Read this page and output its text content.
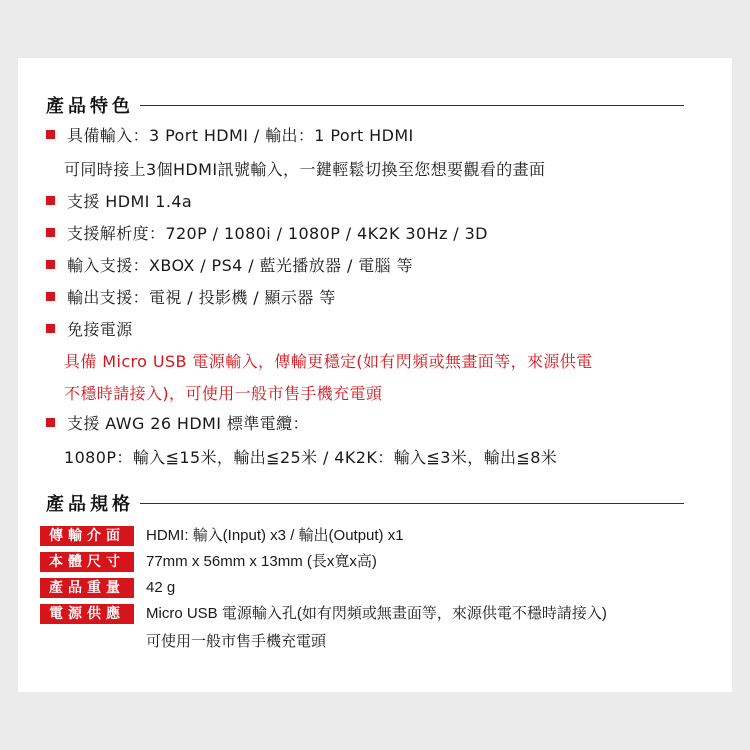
產品特色
具備輸入：3 Port HDMI / 輸出：1 Port HDMI
可同時接上3個HDMI訊號輸入，一鍵輕鬆切換至您想要觀看的畫面
支援 HDMI 1.4a
支援解析度：720P / 1080i / 1080P / 4K2K 30Hz / 3D
輸入支援：XBOX / PS4 / 藍光播放器 / 電腦 等
輸出支援：電視 / 投影機 / 顯示器 等
免接電源
具備 Micro USB 電源輸入，傳輸更穩定(如有閃頻或無畫面等，來源供電
不穩時請接入)，可使用一般市售手機充電頭
支援 AWG 26 HDMI 標準電纜：
1080P：輸入≦15米，輸出≦25米 / 4K2K：輸入≦3米，輸出≦8米
產品規格
傳輸介面	HDMI: 輸入(Input) x3 / 輸出(Output) x1
本體尺寸	77mm x 56mm x 13mm (長x寬x高)
產品重量	42 g
電源供應	Micro USB 電源輸入孔(如有閃頻或無畫面等，來源供電不穩時請接入)
可使用一般市售手機充電頭
